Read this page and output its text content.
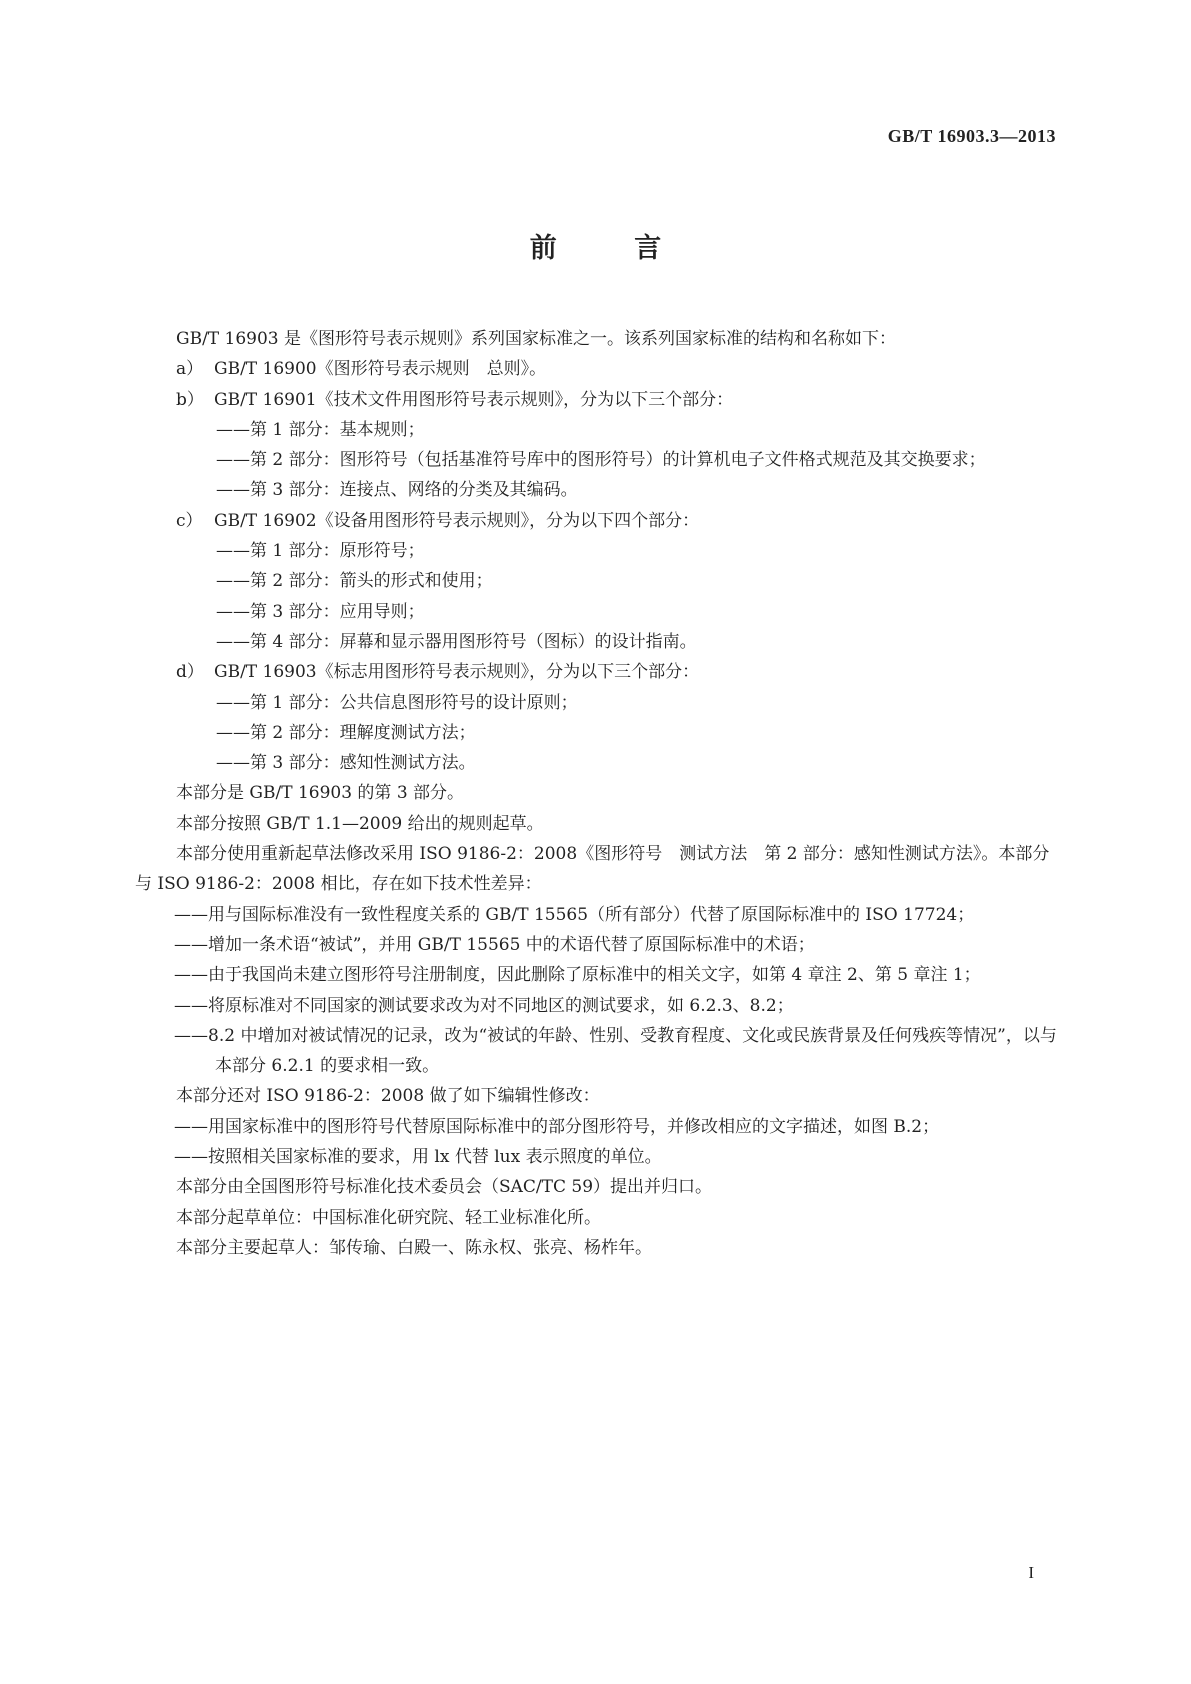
GB/T 16903.3—2013
前 言

GB/T 16903 是《图形符号表示规则》系列国家标准之一。该系列国家标准的结构和名称如下：

a） GB/T 16900《图形符号表示规则　总则》。
b） GB/T 16901《技术文件用图形符号表示规则》，分为以下三个部分：
——第 1 部分：基本规则；
——第 2 部分：图形符号（包括基准符号库中的图形符号）的计算机电子文件格式规范及其交换要求；
——第 3 部分：连接点、网络的分类及其编码。
c） GB/T 16902《设备用图形符号表示规则》，分为以下四个部分：
——第 1 部分：原形符号；
——第 2 部分：箭头的形式和使用；
——第 3 部分：应用导则；
——第 4 部分：屏幕和显示器用图形符号（图标）的设计指南。
d） GB/T 16903《标志用图形符号表示规则》，分为以下三个部分：
——第 1 部分：公共信息图形符号的设计原则；
——第 2 部分：理解度测试方法；
——第 3 部分：感知性测试方法。

本部分是 GB/T 16903 的第 3 部分。

本部分按照 GB/T 1.1—2009 给出的规则起草。

本部分使用重新起草法修改采用 ISO 9186-2：2008《图形符号　测试方法　第 2 部分：感知性测试方法》。本部分与 ISO 9186-2：2008 相比，存在如下技术性差异：

——用与国际标准没有一致性程度关系的 GB/T 15565（所有部分）代替了原国际标准中的 ISO 17724；
——增加一条术语“被试”，并用 GB/T 15565 中的术语代替了原国际标准中的术语；
——由于我国尚未建立图形符号注册制度，因此删除了原标准中的相关文字，如第 4 章注 2、第 5 章注 1；
——将原标准对不同国家的测试要求改为对不同地区的测试要求，如 6.2.3、8.2；
——8.2 中增加对被试情况的记录，改为“被试的年龄、性别、受教育程度、文化或民族背景及任何残疾等情况”，以与本部分 6.2.1 的要求相一致。

本部分还对 ISO 9186-2：2008 做了如下编辑性修改：

——用国家标准中的图形符号代替原国际标准中的部分图形符号，并修改相应的文字描述，如图 B.2；
——按照相关国家标准的要求，用 lx 代替 lux 表示照度的单位。

本部分由全国图形符号标准化技术委员会（SAC/TC 59）提出并归口。

本部分起草单位：中国标准化研究院、轻工业标准化所。

本部分主要起草人：邹传瑜、白殿一、陈永权、张亮、杨柞年。

I
